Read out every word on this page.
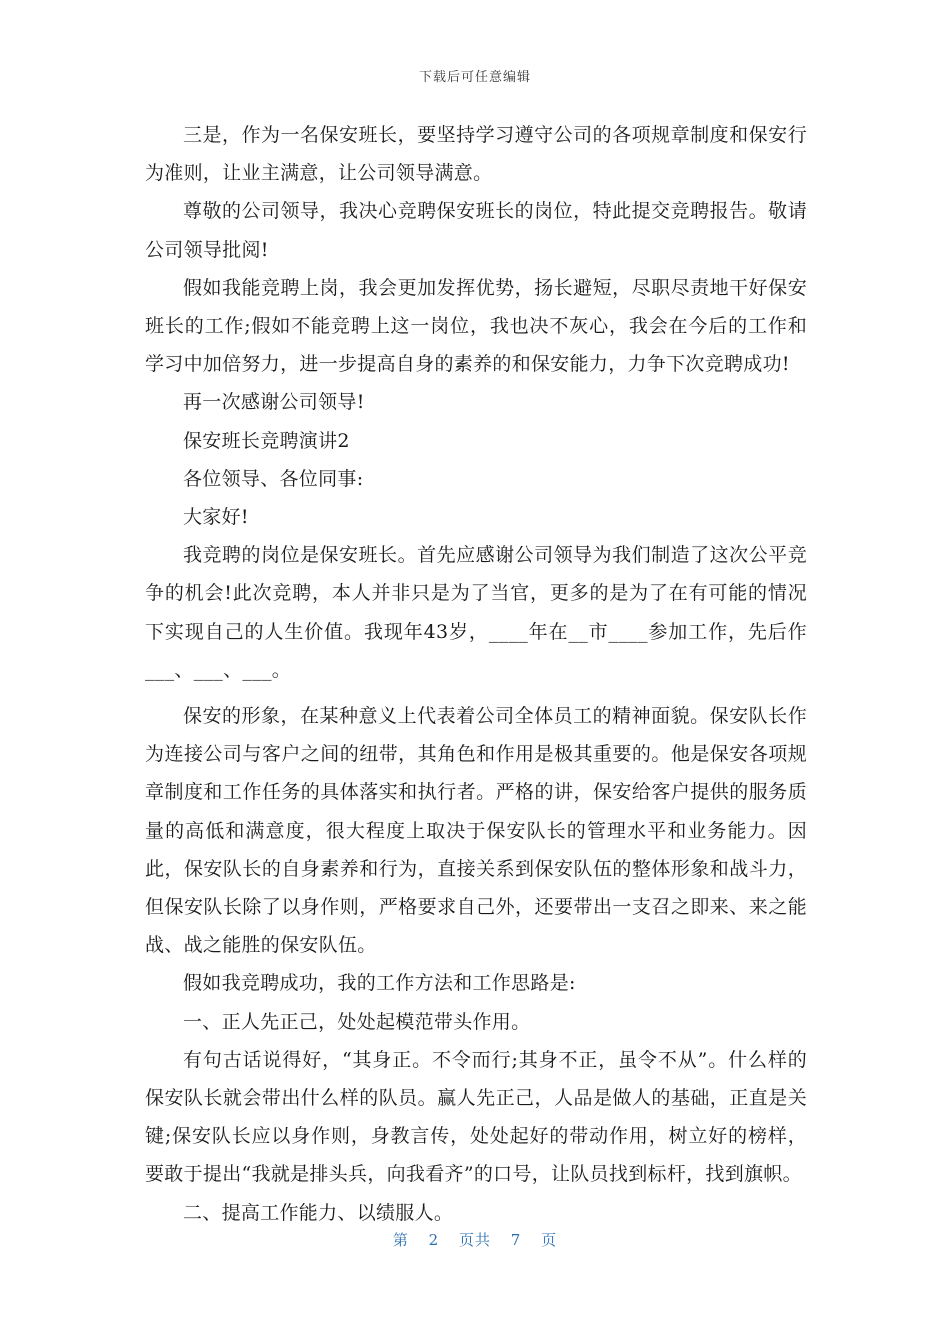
下载后可任意编辑

三是，作为一名保安班长，要坚持学习遵守公司的各项规章制度和保安行为准则，让业主满意，让公司领导满意。

尊敬的公司领导，我决心竞聘保安班长的岗位，特此提交竞聘报告。敬请公司领导批阅!

假如我能竞聘上岗，我会更加发挥优势，扬长避短，尽职尽责地干好保安班长的工作;假如不能竞聘上这一岗位，我也决不灰心，我会在今后的工作和学习中加倍努力，进一步提高自身的素养的和保安能力，力争下次竞聘成功!

再一次感谢公司领导!

保安班长竞聘演讲2

各位领导、各位同事:

大家好!

我竞聘的岗位是保安班长。首先应感谢公司领导为我们制造了这次公平竞争的机会!此次竞聘，本人并非只是为了当官，更多的是为了在有可能的情况下实现自己的人生价值。我现年43岁，____年在__市____参加工作，先后作___、___、___。

保安的形象，在某种意义上代表着公司全体员工的精神面貌。保安队长作为连接公司与客户之间的纽带，其角色和作用是极其重要的。他是保安各项规章制度和工作任务的具体落实和执行者。严格的讲，保安给客户提供的服务质量的高低和满意度，很大程度上取决于保安队长的管理水平和业务能力。因此，保安队长的自身素养和行为，直接关系到保安队伍的整体形象和战斗力，但保安队长除了以身作则，严格要求自己外，还要带出一支召之即来、来之能战、战之能胜的保安队伍。

假如我竞聘成功，我的工作方法和工作思路是:

一、正人先正己，处处起模范带头作用。

有句古话说得好，“其身正。不令而行;其身不正，虽令不从”。什么样的保安队长就会带出什么样的队员。赢人先正己，人品是做人的基础，正直是关键;保安队长应以身作则，身教言传，处处起好的带动作用，树立好的榜样，要敢于提出“我就是排头兵，向我看齐”的口号，让队员找到标杆，找到旗帜。

二、提高工作能力、以绩服人。

第 2 页共 7 页
